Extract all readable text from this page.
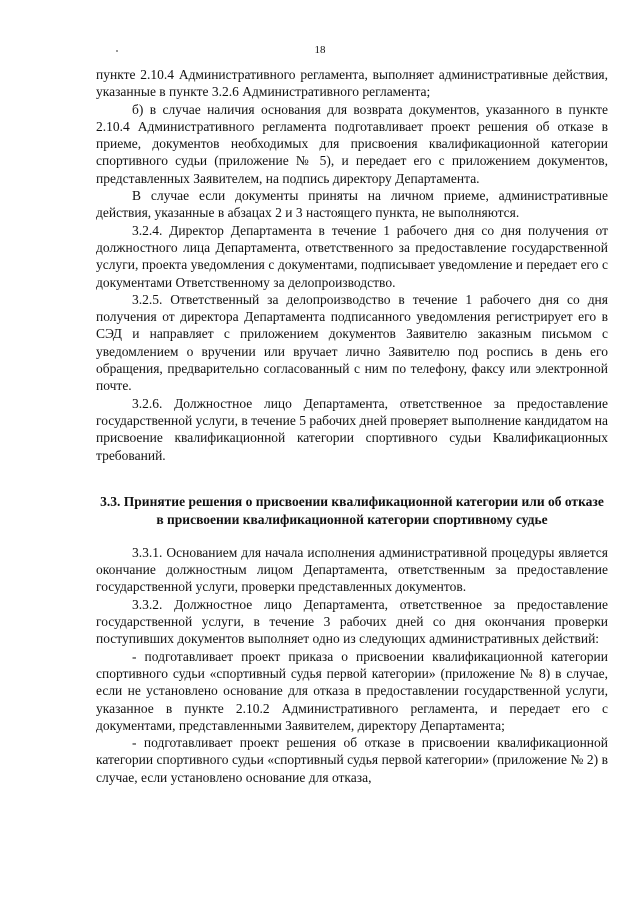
18

пункте 2.10.4 Административного регламента, выполняет административные действия, указанные в пункте 3.2.6 Административного регламента;

б) в случае наличия основания для возврата документов, указанного в пункте 2.10.4 Административного регламента подготавливает проект решения об отказе в приеме, документов необходимых для присвоения квалификационной категории спортивного судьи (приложение № 5), и передает его с приложением документов, представленных Заявителем, на подпись директору Департамента.

В случае если документы приняты на личном приеме, административные действия, указанные в абзацах 2 и 3 настоящего пункта, не выполняются.

3.2.4. Директор Департамента в течение 1 рабочего дня со дня получения от должностного лица Департамента, ответственного за предоставление государственной услуги, проекта уведомления с документами, подписывает уведомление и передает его с документами Ответственному за делопроизводство.

3.2.5. Ответственный за делопроизводство в течение 1 рабочего дня со дня получения от директора Департамента подписанного уведомления регистрирует его в СЭД и направляет с приложением документов Заявителю заказным письмом с уведомлением о вручении или вручает лично Заявителю под роспись в день его обращения, предварительно согласованный с ним по телефону, факсу или электронной почте.

3.2.6. Должностное лицо Департамента, ответственное за предоставление государственной услуги, в течение 5 рабочих дней проверяет выполнение кандидатом на присвоение квалификационной категории спортивного судьи Квалификационных требований.

3.3. Принятие решения о присвоении квалификационной категории или об отказе в присвоении квалификационной категории спортивному судье

3.3.1. Основанием для начала исполнения административной процедуры является окончание должностным лицом Департамента, ответственным за предоставление государственной услуги, проверки представленных документов.

3.3.2. Должностное лицо Департамента, ответственное за предоставление государственной услуги, в течение 3 рабочих дней со дня окончания проверки поступивших документов выполняет одно из следующих административных действий:

- подготавливает проект приказа о присвоении квалификационной категории спортивного судьи «спортивный судья первой категории» (приложение № 8) в случае, если не установлено основание для отказа в предоставлении государственной услуги, указанное в пункте 2.10.2 Административного регламента, и передает его с документами, представленными Заявителем, директору Департамента;

- подготавливает проект решения об отказе в присвоении квалификационной категории спортивного судьи «спортивный судья первой категории» (приложение № 2) в случае, если установлено основание для отказа,
